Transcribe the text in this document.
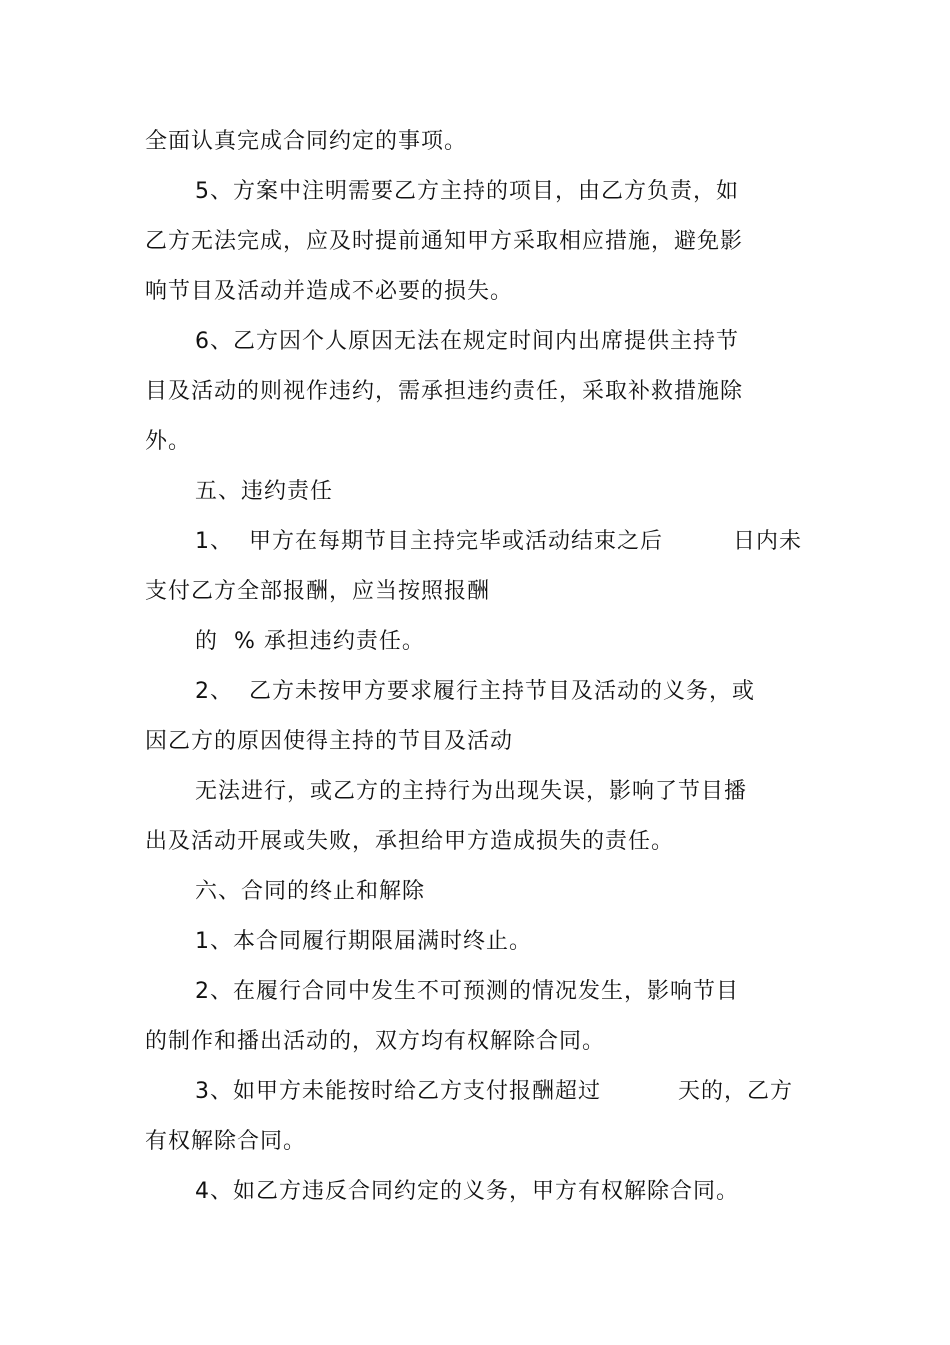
全面认真完成合同约定的事项。
5、方案中注明需要乙方主持的项目，由乙方负责，如
乙方无法完成，应及时提前通知甲方采取相应措施，避免影
响节目及活动并造成不必要的损失。
6、乙方因个人原因无法在规定时间内出席提供主持节
目及活动的则视作违约，需承担违约责任，采取补救措施除
外。
五、违约责任
1、  甲方在每期节目主持完毕或活动结束之后	日内未
支付乙方全部报酬，应当按照报酬
的  % 承担违约责任。
2、  乙方未按甲方要求履行主持节目及活动的义务，或
因乙方的原因使得主持的节目及活动
无法进行，或乙方的主持行为出现失误，影响了节目播
出及活动开展或失败，承担给甲方造成损失的责任。
六、合同的终止和解除
1、本合同履行期限届满时终止。
2、在履行合同中发生不可预测的情况发生，影响节目
的制作和播出活动的，双方均有权解除合同。
3、如甲方未能按时给乙方支付报酬超过	天的，乙方
有权解除合同。
4、如乙方违反合同约定的义务，甲方有权解除合同。
